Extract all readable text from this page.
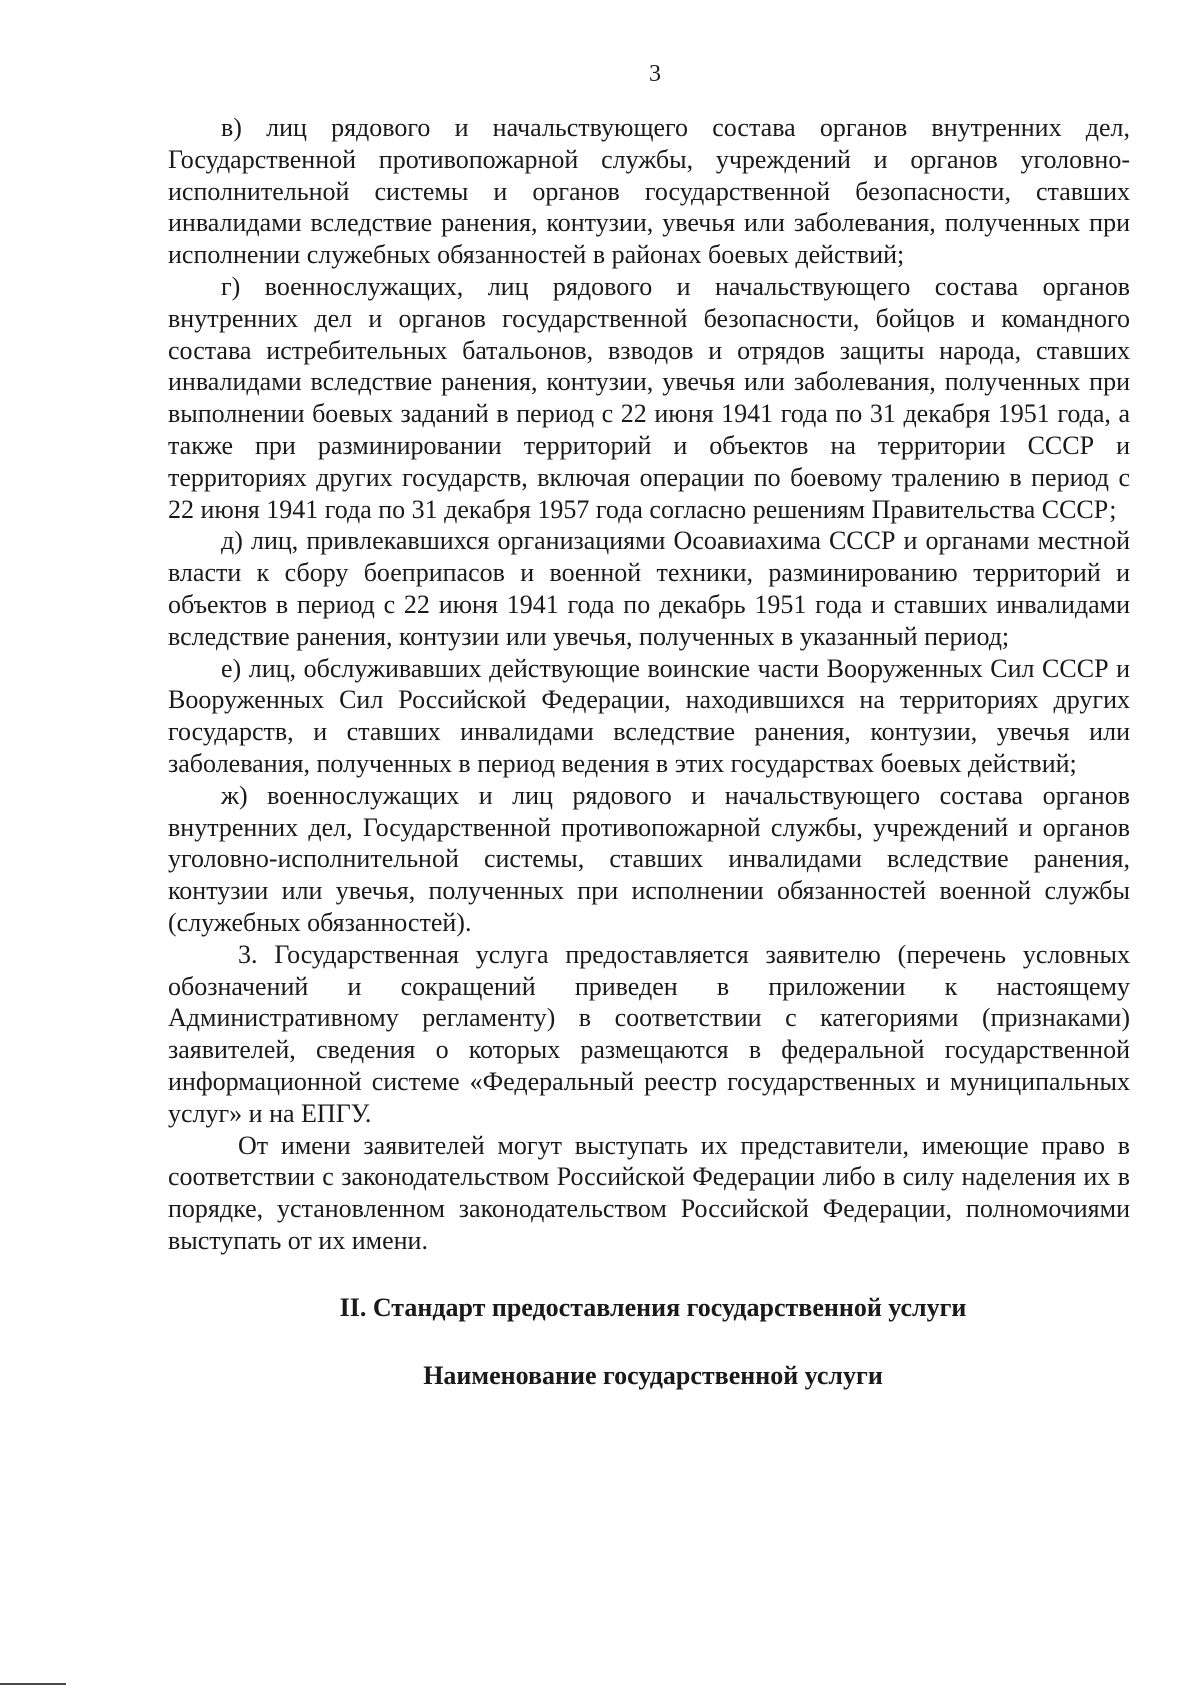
3

в) лиц рядового и начальствующего состава органов внутренних дел, Государственной противопожарной службы, учреждений и органов уголовно-исполнительной системы и органов государственной безопасности, ставших инвалидами вследствие ранения, контузии, увечья или заболевания, полученных при исполнении служебных обязанностей в районах боевых действий;

г) военнослужащих, лиц рядового и начальствующего состава органов внутренних дел и органов государственной безопасности, бойцов и командного состава истребительных батальонов, взводов и отрядов защиты народа, ставших инвалидами вследствие ранения, контузии, увечья или заболевания, полученных при выполнении боевых заданий в период с 22 июня 1941 года по 31 декабря 1951 года, а также при разминировании территорий и объектов на территории СССР и территориях других государств, включая операции по боевому тралению в период с 22 июня 1941 года по 31 декабря 1957 года согласно решениям Правительства СССР;

д) лиц, привлекавшихся организациями Осоавиахима СССР и органами местной власти к сбору боеприпасов и военной техники, разминированию территорий и объектов в период с 22 июня 1941 года по декабрь 1951 года и ставших инвалидами вследствие ранения, контузии или увечья, полученных в указанный период;

е) лиц, обслуживавших действующие воинские части Вооруженных Сил СССР и Вооруженных Сил Российской Федерации, находившихся на территориях других государств, и ставших инвалидами вследствие ранения, контузии, увечья или заболевания, полученных в период ведения в этих государствах боевых действий;

ж) военнослужащих и лиц рядового и начальствующего состава органов внутренних дел, Государственной противопожарной службы, учреждений и органов уголовно-исполнительной системы, ставших инвалидами вследствие ранения, контузии или увечья, полученных при исполнении обязанностей военной службы (служебных обязанностей).

3. Государственная услуга предоставляется заявителю (перечень условных обозначений и сокращений приведен в приложении к настоящему Административному регламенту) в соответствии с категориями (признаками) заявителей, сведения о которых размещаются в федеральной государственной информационной системе «Федеральный реестр государственных и муниципальных услуг» и на ЕПГУ.

От имени заявителей могут выступать их представители, имеющие право в соответствии с законодательством Российской Федерации либо в силу наделения их в порядке, установленном законодательством Российской Федерации, полномочиями выступать от их имени.

II. Стандарт предоставления государственной услуги
Наименование государственной услуги
